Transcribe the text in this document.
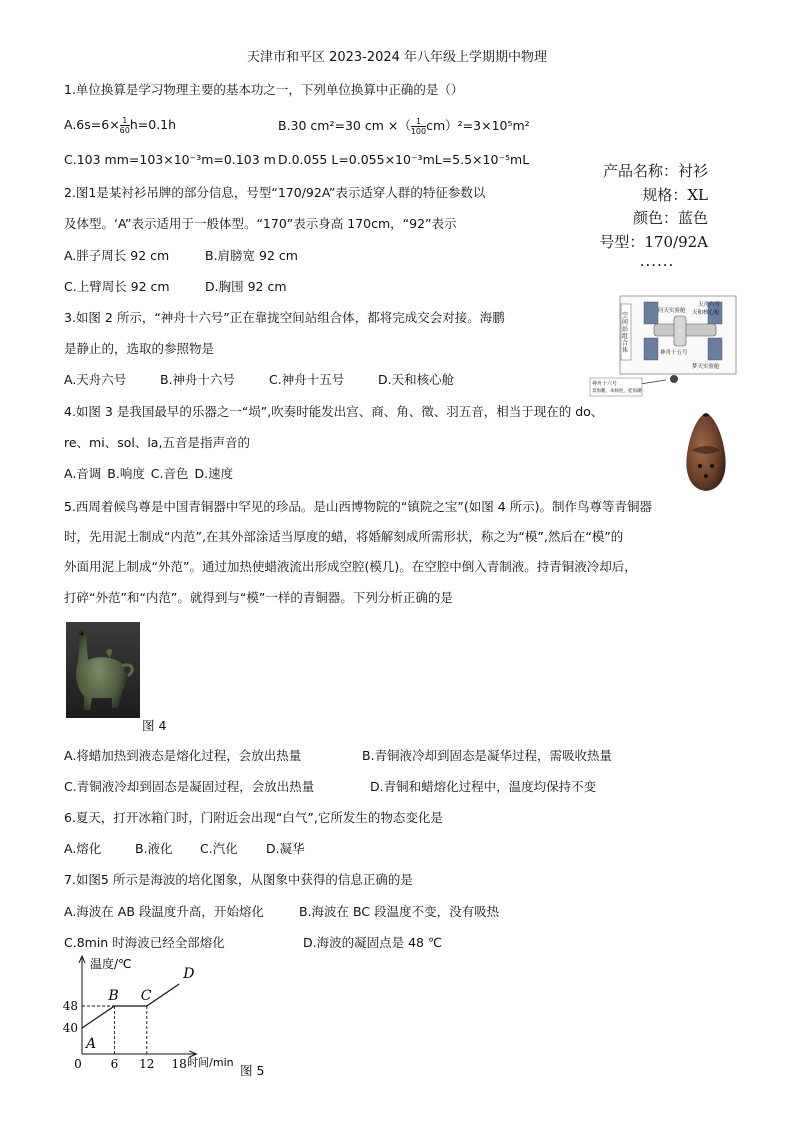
天津市和平区 2023-2024 年八年级上学期期中物理
1.单位换算是学习物理主要的基本功之一，下列单位换算中正确的是（）
$A.6s=6\times \frac{1}{60} h=0.1h$	B.30 cm²=30 cm ×（ $\frac{1}{100} cm)^2=3\times 10^5m^2$
C.103 mm=103×10⁻³m=0.103 m D.0.055 L=0.055×10⁻³mL=5.5×10⁻⁵mL
2.图1是某衬衫吊牌的部分信息，号型“170/92A”表示适穿人群的特征参数以
及体型。‘A”表示适用于一般体型。“170”表示身高 170cm，“92”表示
A.胖子周长 92 cm	B.肩膀宽 92 cm
C.上臂周长 92 cm	D.胸围 92 cm
产品名称：衬衫
规格：XL
颜色：蓝色
号型：170/92A
······
3.如图 2 所示，“神舟十六号”正在靠拢空间站组合体，都将完成交会对接。海鹏
是静止的，选取的参照物是
A.天舟六号	B.神舟十六号	C.神舟十五号	D.天和核心舱
空间站组合体
天舟六号
天和核心舱
问天实验舱
神舟十五号
梦天实验舱
神舟十六号
景海鹏，朱杨柱，桂海潮
4.如图 3 是我国最早的乐器之一“埙”,吹奏时能发出宫、商、角、徵、羽五音，相当于现在的 do、
re、mi、sol、la,五音是指声音的
A.音调 B.响度 C.音色 D.速度
5.西周着候鸟尊是中国青铜器中罕见的珍品。是山西博物院的“镇院之宝”(如图 4 所示)。制作鸟尊等青铜器
时，先用泥土制成“内范”,在其外部涂适当厚度的蜡，将婚解刻成所需形状，称之为“模”,然后在“模”的
外面用泥上制成“外范”。通过加热使蜡液流出形成空腔(模几)。在空腔中倒入青制液。持青铜液冷却后，
打碎“外范”和“内范”。就得到与“模”一样的青铜器。下列分析正确的是
图 4
A.将蜡加热到液态是熔化过程，会放出热量	B.青铜液冷却到固态是凝华过程，需吸收热量
C.青铜液冷却到固态是凝固过程，会放出热量	D.青铜和蜡熔化过程中，温度均保持不变
6.夏天，打开冰箱门时，门附近会出现“白气”,它所发生的物态变化是
A.熔化	B.液化 C.汽化 D.凝华
7.如图5 所示是海波的培化图象，从图象中获得的信息正确的是
A.海波在 AB 段温度升高，开始熔化	B.海波在 BC 段温度不变，没有吸热
C.8min 时海波已经全部熔化	D.海波的凝固点是 48 ℃
0 6 12 18
40
48
温度/℃
时间/min
A
B C
D
图 5
